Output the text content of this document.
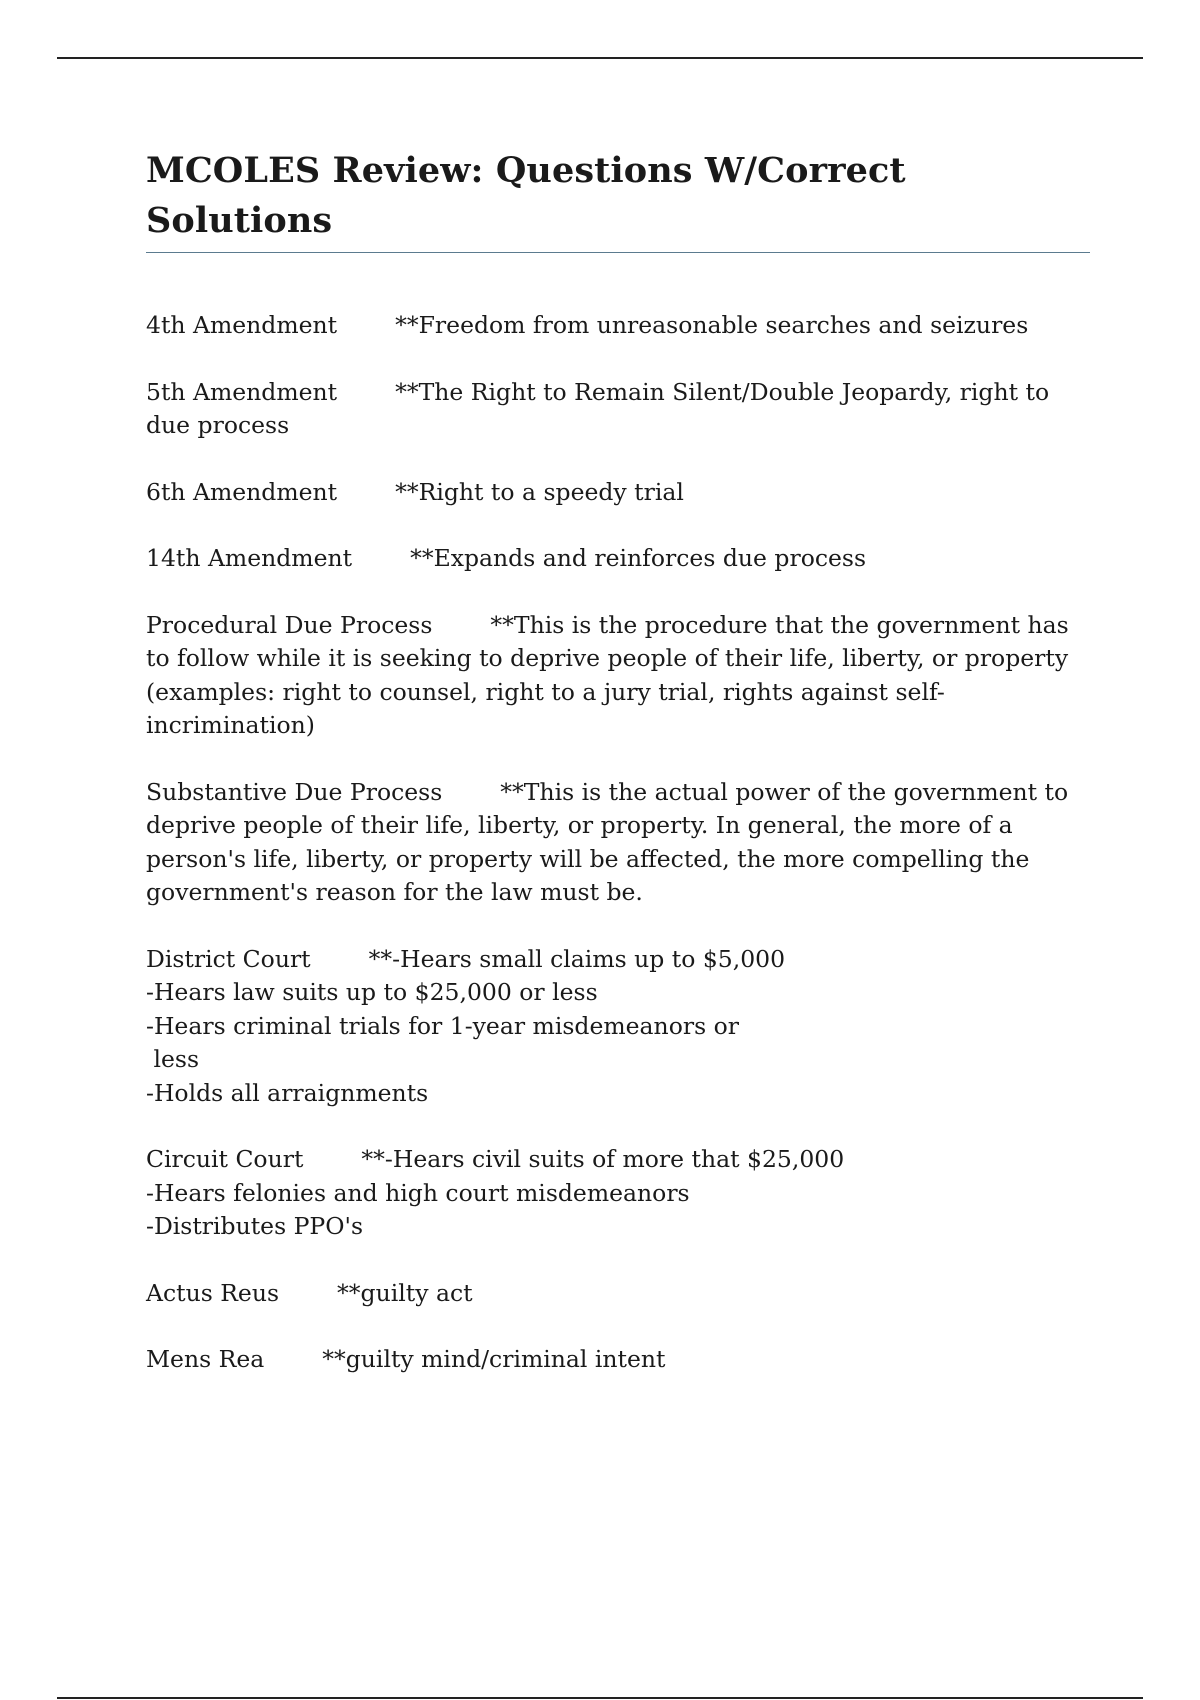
MCOLES Review: Questions W/Correct Solutions
4th Amendment **Freedom from unreasonable searches and seizures
5th Amendment **The Right to Remain Silent/Double Jeopardy, right to
due process
6th Amendment **Right to a speedy trial
14th Amendment **Expands and reinforces due process
Procedural Due Process **This is the procedure that the government has
to follow while it is seeking to deprive people of their life, liberty, or property
(examples: right to counsel, right to a jury trial, rights against self-
incrimination)
Substantive Due Process **This is the actual power of the government to
deprive people of their life, liberty, or property. In general, the more of a
person's life, liberty, or property will be affected, the more compelling the
government's reason for the law must be.
District Court **-Hears small claims up to $5,000
-Hears law suits up to $25,000 or less
-Hears criminal trials for 1-year misdemeanors or
less
-Holds all arraignments
Circuit Court **-Hears civil suits of more that $25,000
-Hears felonies and high court misdemeanors
-Distributes PPO's
Actus Reus **guilty act
Mens Rea **guilty mind/criminal intent
